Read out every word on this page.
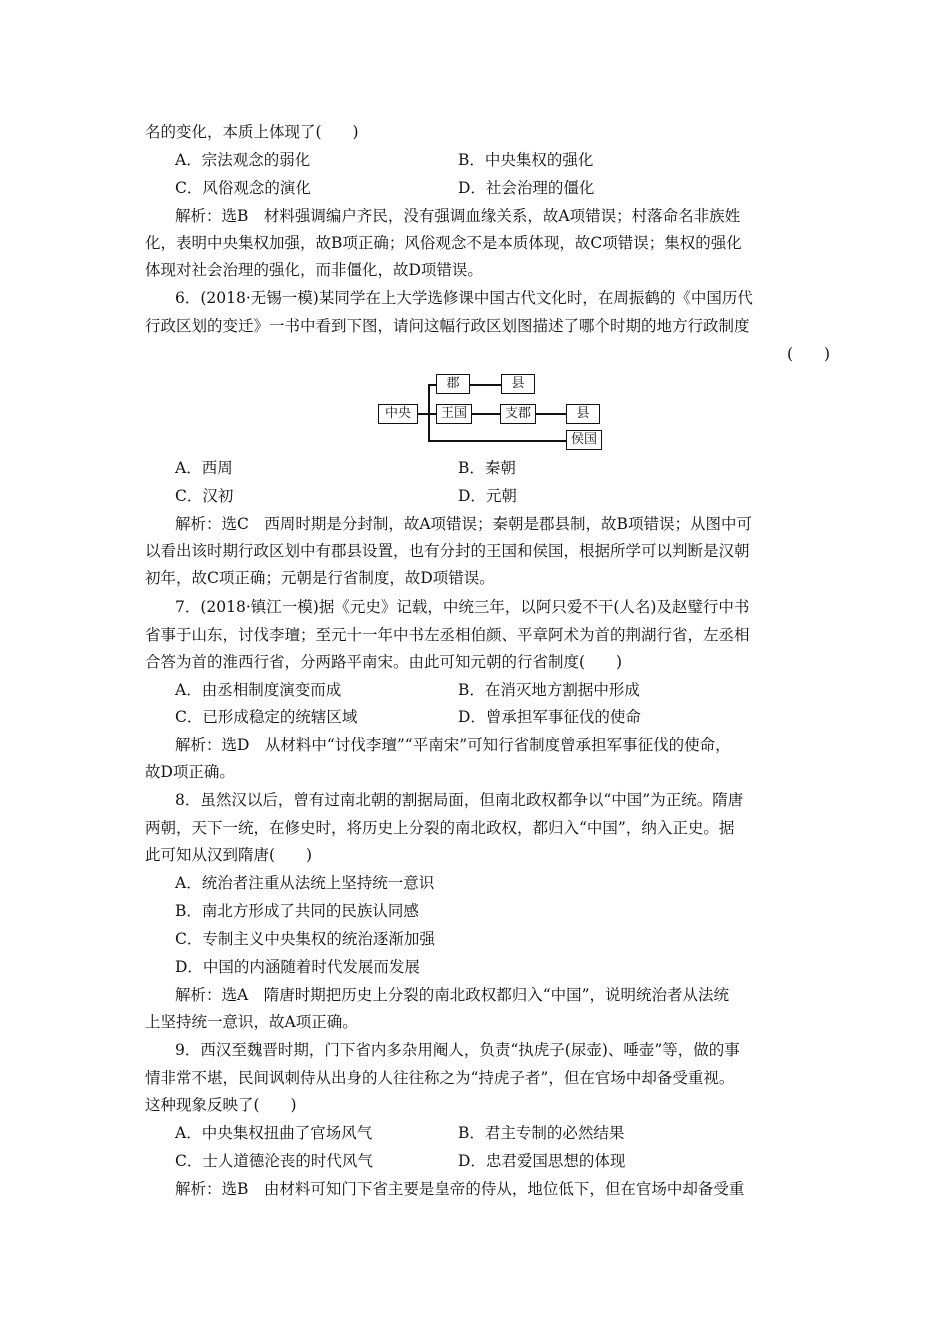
名的变化，本质上体现了(　　)
A．宗法观念的弱化	B．中央集权的强化
C．风俗观念的演化	D．社会治理的僵化
解析：选B　材料强调编户齐民，没有强调血缘关系，故A项错误；村落命名非族姓
化，表明中央集权加强，故B项正确；风俗观念不是本质体现，故C项错误；集权的强化
体现对社会治理的强化，而非僵化，故D项错误。
6．(2018·无锡一模)某同学在上大学选修课中国古代文化时，在周振鹤的《中国历代
行政区划的变迁》一书中看到下图，请问这幅行政区划图描述了哪个时期的地方行政制度
(　　)
中央
郡	县
王国	支郡	县
侯国
A．西周	B．秦朝
C．汉初	D．元朝
解析：选C　西周时期是分封制，故A项错误；秦朝是郡县制，故B项错误；从图中可
以看出该时期行政区划中有郡县设置，也有分封的王国和侯国，根据所学可以判断是汉朝
初年，故C项正确；元朝是行省制度，故D项错误。
7．(2018·镇江一模)据《元史》记载，中统三年，以阿只爱不干(人名)及赵璧行中书
省事于山东，讨伐李璮；至元十一年中书左丞相伯颜、平章阿术为首的荆湖行省，左丞相
合答为首的淮西行省，分两路平南宋。由此可知元朝的行省制度(　　)
A．由丞相制度演变而成	B．在消灭地方割据中形成
C．已形成稳定的统辖区域	D．曾承担军事征伐的使命
解析：选D　从材料中“讨伐李璮”“平南宋”可知行省制度曾承担军事征伐的使命，
故D项正确。
8．虽然汉以后，曾有过南北朝的割据局面，但南北政权都争以“中国”为正统。隋唐
两朝，天下一统，在修史时，将历史上分裂的南北政权，都归入“中国”，纳入正史。据
此可知从汉到隋唐(　　)
A．统治者注重从法统上坚持统一意识
B．南北方形成了共同的民族认同感
C．专制主义中央集权的统治逐渐加强
D．中国的内涵随着时代发展而发展
解析：选A　隋唐时期把历史上分裂的南北政权都归入“中国”，说明统治者从法统
上坚持统一意识，故A项正确。
9．西汉至魏晋时期，门下省内多杂用阉人，负责“执虎子(尿壶)、唾壶”等，做的事
情非常不堪，民间讽刺侍从出身的人往往称之为“持虎子者”，但在官场中却备受重视。
这种现象反映了(　　)
A．中央集权扭曲了官场风气	B．君主专制的必然结果
C．士人道德沦丧的时代风气	D．忠君爱国思想的体现
解析：选B　由材料可知门下省主要是皇帝的侍从，地位低下，但在官场中却备受重
